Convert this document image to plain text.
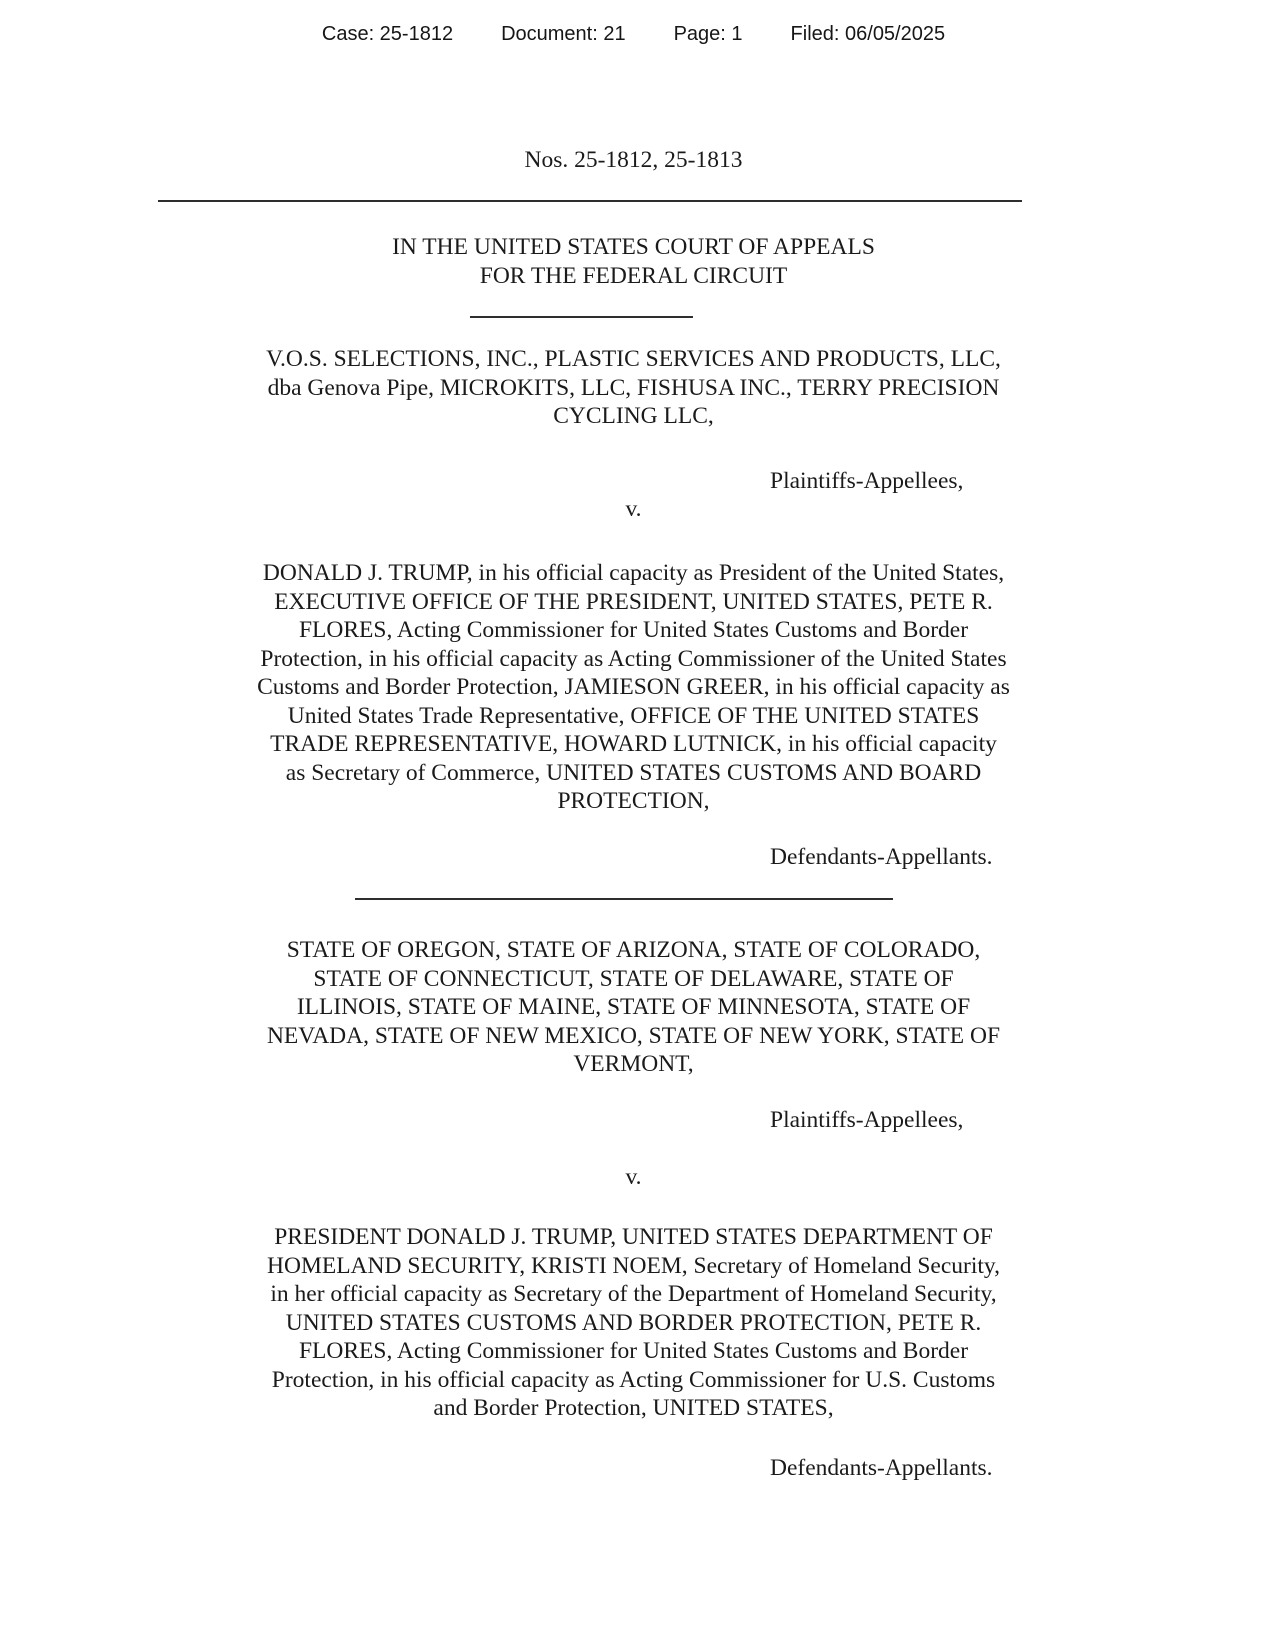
Case: 25-1812 Document: 21 Page: 1 Filed: 06/05/2025
Nos. 25-1812, 25-1813
IN THE UNITED STATES COURT OF APPEALS
FOR THE FEDERAL CIRCUIT
V.O.S. SELECTIONS, INC., PLASTIC SERVICES AND PRODUCTS, LLC,
dba Genova Pipe, MICROKITS, LLC, FISHUSA INC., TERRY PRECISION
CYCLING LLC,
Plaintiffs-Appellees,
v.
DONALD J. TRUMP, in his official capacity as President of the United States,
EXECUTIVE OFFICE OF THE PRESIDENT, UNITED STATES, PETE R.
FLORES, Acting Commissioner for United States Customs and Border
Protection, in his official capacity as Acting Commissioner of the United States
Customs and Border Protection, JAMIESON GREER, in his official capacity as
United States Trade Representative, OFFICE OF THE UNITED STATES
TRADE REPRESENTATIVE, HOWARD LUTNICK, in his official capacity
as Secretary of Commerce, UNITED STATES CUSTOMS AND BOARD
PROTECTION,
Defendants-Appellants.
STATE OF OREGON, STATE OF ARIZONA, STATE OF COLORADO,
STATE OF CONNECTICUT, STATE OF DELAWARE, STATE OF
ILLINOIS, STATE OF MAINE, STATE OF MINNESOTA, STATE OF
NEVADA, STATE OF NEW MEXICO, STATE OF NEW YORK, STATE OF
VERMONT,
Plaintiffs-Appellees,
v.
PRESIDENT DONALD J. TRUMP, UNITED STATES DEPARTMENT OF
HOMELAND SECURITY, KRISTI NOEM, Secretary of Homeland Security,
in her official capacity as Secretary of the Department of Homeland Security,
UNITED STATES CUSTOMS AND BORDER PROTECTION, PETE R.
FLORES, Acting Commissioner for United States Customs and Border
Protection, in his official capacity as Acting Commissioner for U.S. Customs
and Border Protection, UNITED STATES,
Defendants-Appellants.
